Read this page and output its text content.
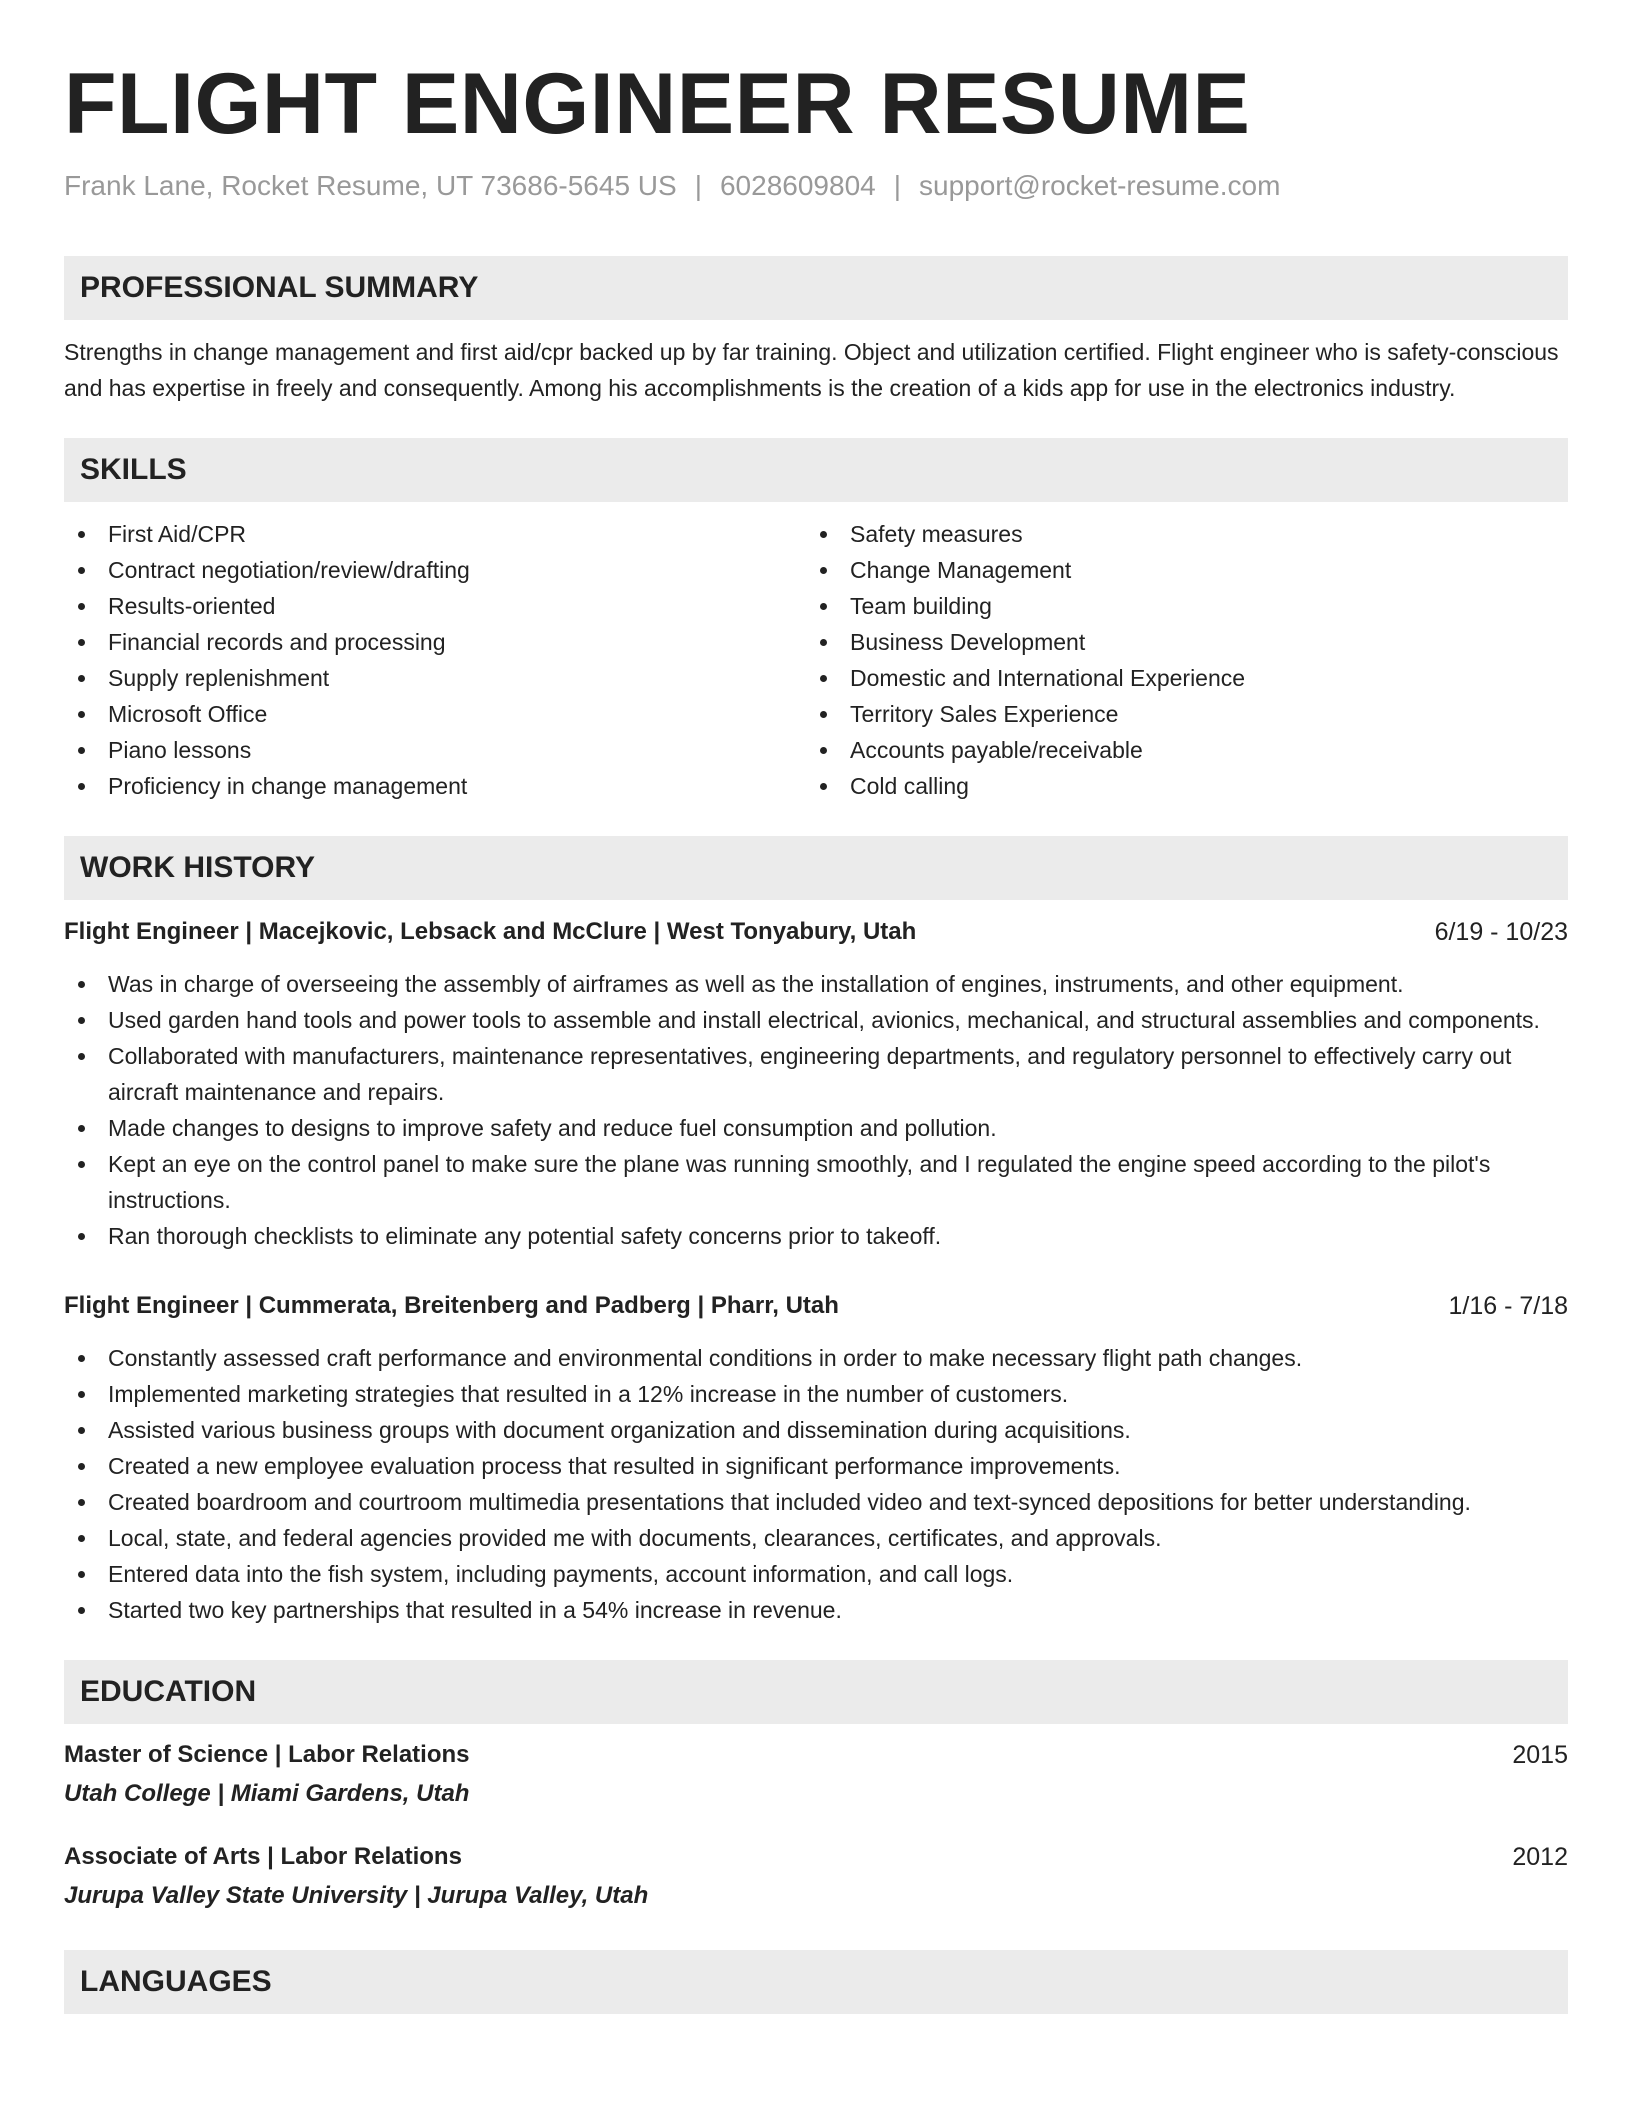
FLIGHT ENGINEER RESUME
Frank Lane, Rocket Resume, UT 73686-5645 US | 6028609804 | support@rocket-resume.com
PROFESSIONAL SUMMARY

Strengths in change management and first aid/cpr backed up by far training. Object and utilization certified. Flight engineer who is safety-conscious and has expertise in freely and consequently. Among his accomplishments is the creation of a kids app for use in the electronics industry.

SKILLS
First Aid/CPR
Contract negotiation/review/drafting
Results-oriented
Financial records and processing
Supply replenishment
Microsoft Office
Piano lessons
Proficiency in change management
Safety measures
Change Management
Team building
Business Development
Domestic and International Experience
Territory Sales Experience
Accounts payable/receivable
Cold calling
WORK HISTORY
Flight Engineer | Macejkovic, Lebsack and McClure | West Tonyabury, Utah	6/19 - 10/23
Was in charge of overseeing the assembly of airframes as well as the installation of engines, instruments, and other equipment.
Used garden hand tools and power tools to assemble and install electrical, avionics, mechanical, and structural assemblies and components.
Collaborated with manufacturers, maintenance representatives, engineering departments, and regulatory personnel to effectively carry out aircraft maintenance and repairs.
Made changes to designs to improve safety and reduce fuel consumption and pollution.
Kept an eye on the control panel to make sure the plane was running smoothly, and I regulated the engine speed according to the pilot's instructions.
Ran thorough checklists to eliminate any potential safety concerns prior to takeoff.
Flight Engineer | Cummerata, Breitenberg and Padberg | Pharr, Utah	1/16 - 7/18
Constantly assessed craft performance and environmental conditions in order to make necessary flight path changes.
Implemented marketing strategies that resulted in a 12% increase in the number of customers.
Assisted various business groups with document organization and dissemination during acquisitions.
Created a new employee evaluation process that resulted in significant performance improvements.
Created boardroom and courtroom multimedia presentations that included video and text-synced depositions for better understanding.
Local, state, and federal agencies provided me with documents, clearances, certificates, and approvals.
Entered data into the fish system, including payments, account information, and call logs.
Started two key partnerships that resulted in a 54% increase in revenue.
EDUCATION
Master of Science | Labor Relations	2015
Utah College | Miami Gardens, Utah
Associate of Arts | Labor Relations	2012
Jurupa Valley State University | Jurupa Valley, Utah
LANGUAGES
